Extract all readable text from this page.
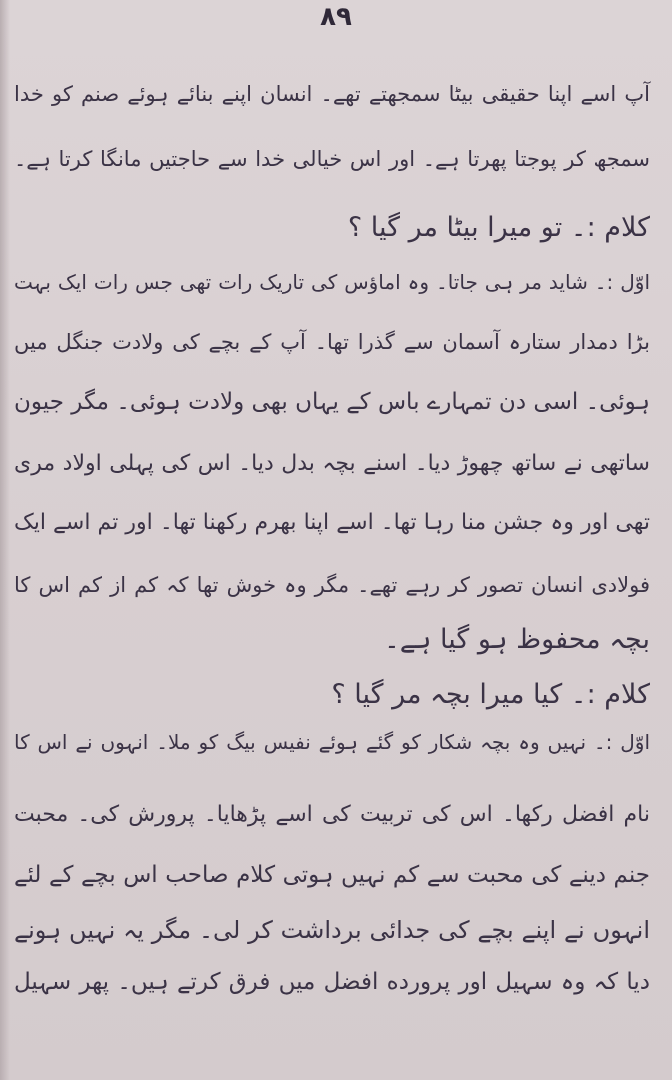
۸۹
آپ اسے اپنا حقیقی بیٹا سمجھتے تھے۔ انسان اپنے بنائے ہوئے صنم کو خدا
سمجھ کر پوجتا پھرتا ہے۔ اور اس خیالی خدا سے حاجتیں مانگا کرتا ہے۔
کلام :۔ تو میرا بیٹا مر گیا ؟
اوّل :۔ شاید مر ہی جاتا۔ وہ اماؤس کی تاریک رات تھی جس رات ایک بہت
بڑا دمدار ستارہ آسمان سے گذرا تھا۔ آپ کے بچے کی ولادت جنگل میں
ہوئی۔ اسی دن تمہارے باس کے یہاں بھی ولادت ہوئی۔ مگر جیون
ساتھی نے ساتھ چھوڑ دیا۔ اسنے بچہ بدل دیا۔ اس کی پہلی اولاد مری
تھی اور وہ جشن منا رہا تھا۔ اسے اپنا بھرم رکھنا تھا۔ اور تم اسے ایک
فولادی انسان تصور کر رہے تھے۔ مگر وہ خوش تھا کہ کم از کم اس کا
بچہ محفوظ ہو گیا ہے۔
کلام :۔ کیا میرا بچہ مر گیا ؟
اوّل :۔ نہیں وہ بچہ شکار کو گئے ہوئے نفیس بیگ کو ملا۔ انہوں نے اس کا
نام افضل رکھا۔ اس کی تربیت کی اسے پڑھایا۔ پرورش کی۔ محبت
جنم دینے کی محبت سے کم نہیں ہوتی کلام صاحب اس بچے کے لئے
انہوں نے اپنے بچے کی جدائی برداشت کر لی۔ مگر یہ نہیں ہونے
دیا کہ وہ سہیل اور پرورده افضل میں فرق کرتے ہیں۔ پھر سہیل
